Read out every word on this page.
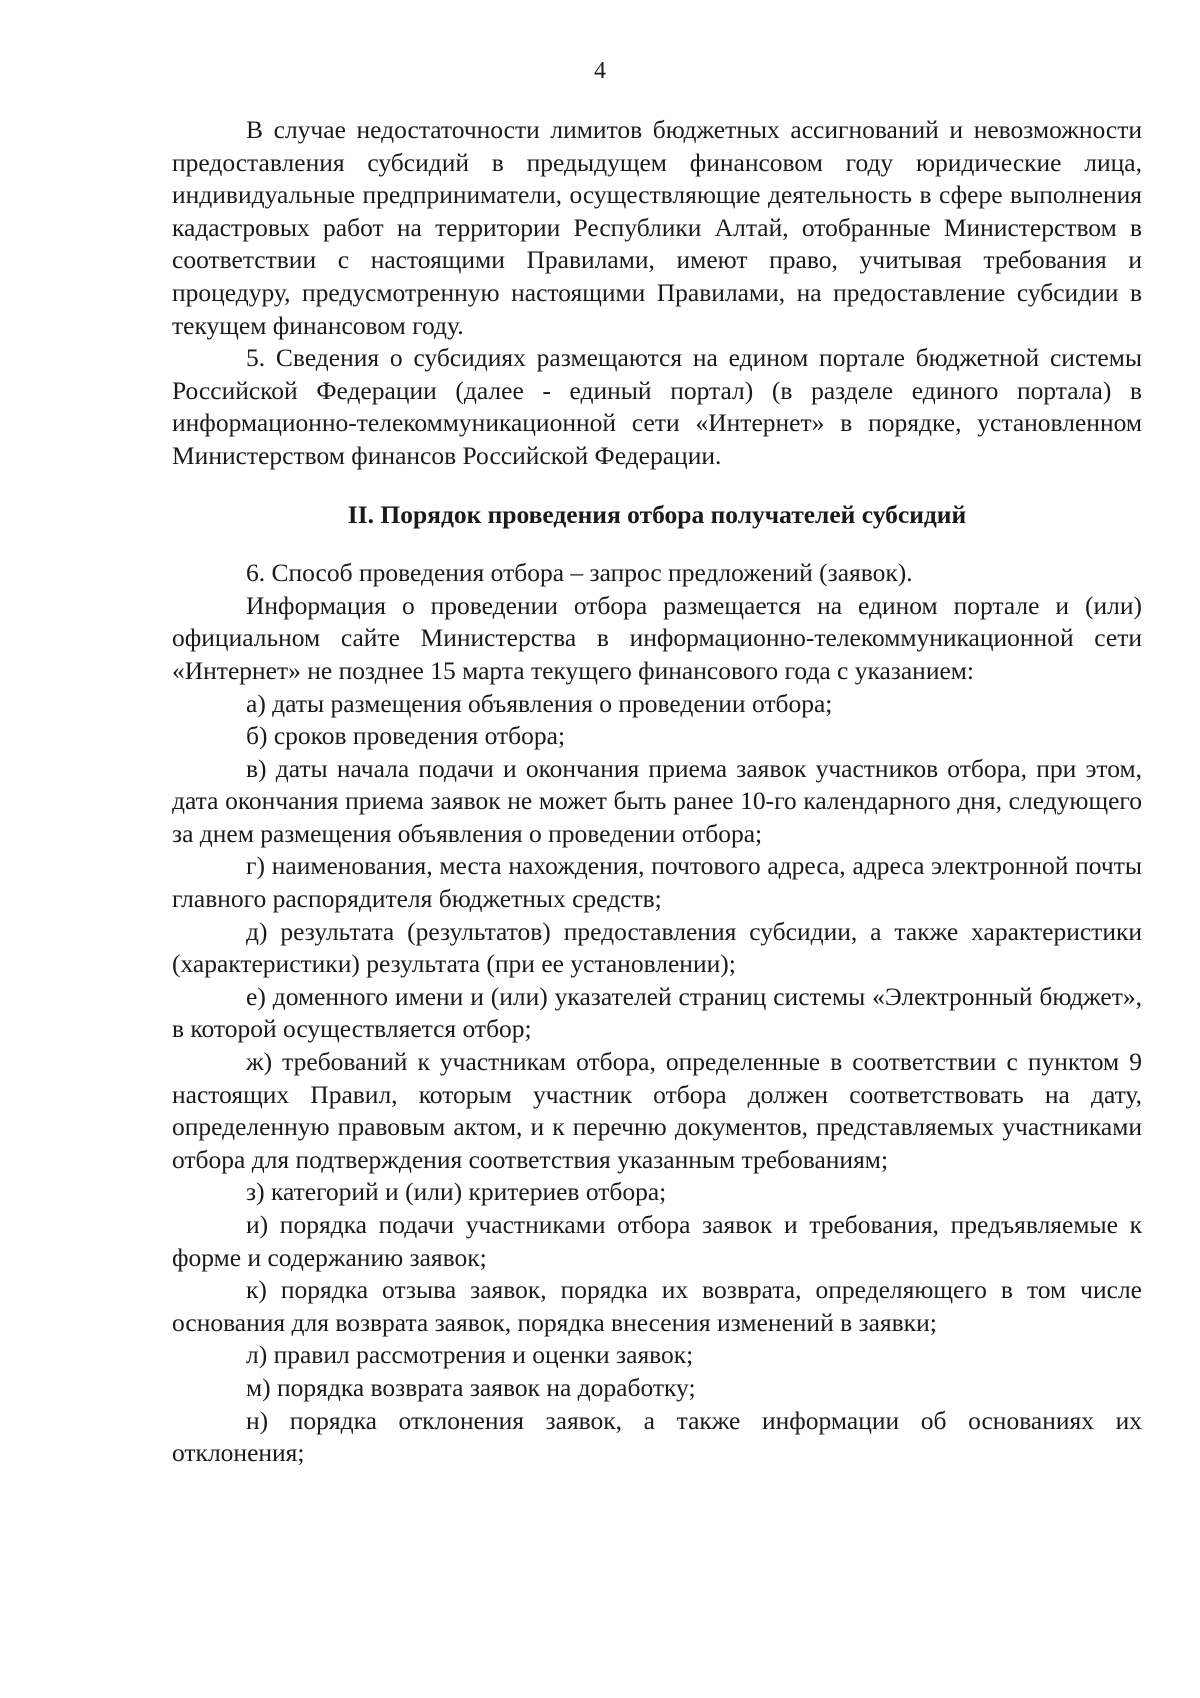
4

В случае недостаточности лимитов бюджетных ассигнований и невозможности предоставления субсидий в предыдущем финансовом году юридические лица, индивидуальные предприниматели, осуществляющие деятельность в сфере выполнения кадастровых работ на территории Республики Алтай, отобранные Министерством в соответствии с настоящими Правилами, имеют право, учитывая требования и процедуру, предусмотренную настоящими Правилами, на предоставление субсидии в текущем финансовом году.

5. Сведения о субсидиях размещаются на едином портале бюджетной системы Российской Федерации (далее - единый портал) (в разделе единого портала) в информационно-телекоммуникационной сети «Интернет» в порядке, установленном Министерством финансов Российской Федерации.

II. Порядок проведения отбора получателей субсидий

6. Способ проведения отбора – запрос предложений (заявок).

Информация о проведении отбора размещается на едином портале и (или) официальном сайте Министерства в информационно-телекоммуникационной сети «Интернет» не позднее 15 марта текущего финансового года с указанием:

а) даты размещения объявления о проведении отбора;

б) сроков проведения отбора;

в) даты начала подачи и окончания приема заявок участников отбора, при этом, дата окончания приема заявок не может быть ранее 10-го календарного дня, следующего за днем размещения объявления о проведении отбора;

г) наименования, места нахождения, почтового адреса, адреса электронной почты главного распорядителя бюджетных средств;

д) результата (результатов) предоставления субсидии, а также характеристики (характеристики) результата (при ее установлении);

е) доменного имени и (или) указателей страниц системы «Электронный бюджет», в которой осуществляется отбор;

ж) требований к участникам отбора, определенные в соответствии с пунктом 9 настоящих Правил, которым участник отбора должен соответствовать на дату, определенную правовым актом, и к перечню документов, представляемых участниками отбора для подтверждения соответствия указанным требованиям;

з) категорий и (или) критериев отбора;

и) порядка подачи участниками отбора заявок и требования, предъявляемые к форме и содержанию заявок;

к) порядка отзыва заявок, порядка их возврата, определяющего в том числе основания для возврата заявок, порядка внесения изменений в заявки;

л) правил рассмотрения и оценки заявок;

м) порядка возврата заявок на доработку;

н) порядка отклонения заявок, а также информации об основаниях их отклонения;
